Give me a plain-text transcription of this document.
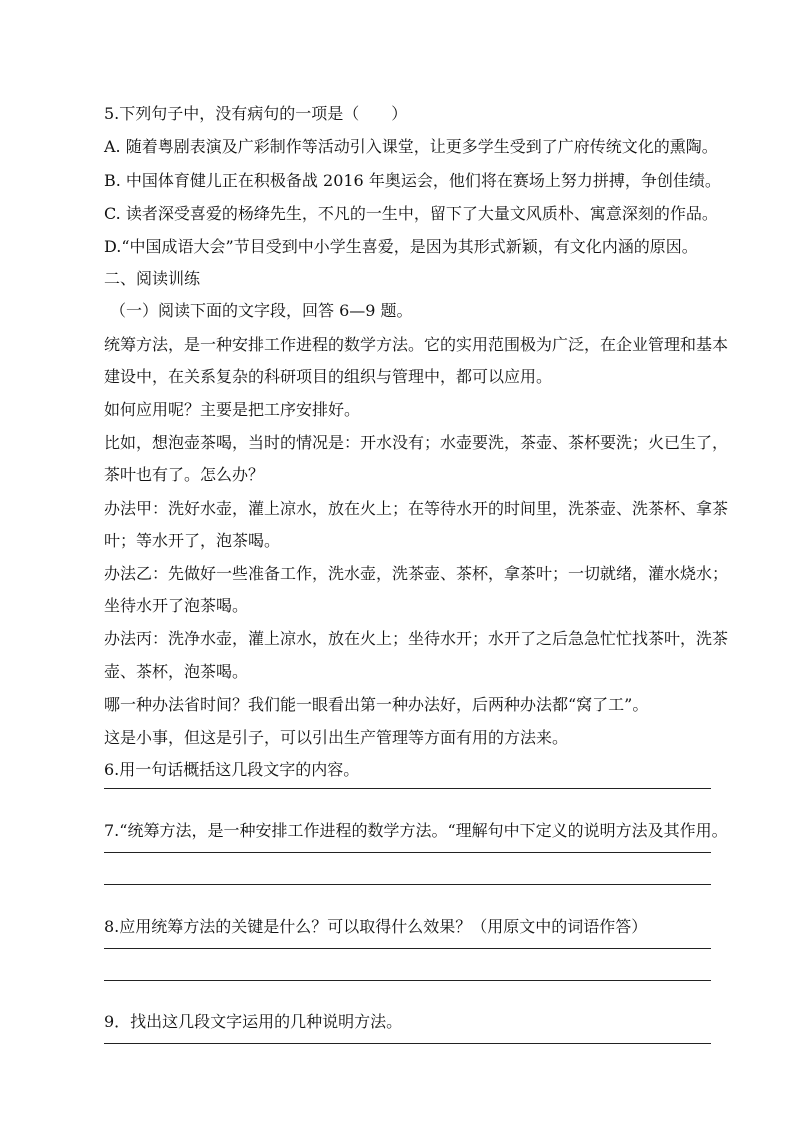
5.下列句子中，没有病句的一项是（　　）
A. 随着粤剧表演及广彩制作等活动引入课堂，让更多学生受到了广府传统文化的熏陶。
B. 中国体育健儿正在积极备战 2016 年奥运会，他们将在赛场上努力拼搏，争创佳绩。
C. 读者深受喜爱的杨绛先生，不凡的一生中，留下了大量文风质朴、寓意深刻的作品。
D.“中国成语大会”节目受到中小学生喜爱，是因为其形式新颖，有文化内涵的原因。
二、阅读训练
（一）阅读下面的文字段，回答 6—9 题。
统筹方法，是一种安排工作进程的数学方法。它的实用范围极为广泛，在企业管理和基本
建设中，在关系复杂的科研项目的组织与管理中，都可以应用。
如何应用呢？主要是把工序安排好。
比如，想泡壶茶喝，当时的情况是：开水没有；水壶要洗，茶壶、茶杯要洗；火已生了，
茶叶也有了。怎么办？
办法甲：洗好水壶，灌上凉水，放在火上；在等待水开的时间里，洗茶壶、洗茶杯、拿茶
叶；等水开了，泡茶喝。
办法乙：先做好一些准备工作，洗水壶，洗茶壶、茶杯，拿茶叶；一切就绪，灌水烧水；
坐待水开了泡茶喝。
办法丙：洗净水壶，灌上凉水，放在火上；坐待水开；水开了之后急急忙忙找茶叶，洗茶
壶、茶杯，泡茶喝。
哪一种办法省时间？我们能一眼看出第一种办法好，后两种办法都“窝了工”。
这是小事，但这是引子，可以引出生产管理等方面有用的方法来。
6.用一句话概括这几段文字的内容。
7.“统筹方法，是一种安排工作进程的数学方法。“理解句中下定义的说明方法及其作用。
8.应用统筹方法的关键是什么？可以取得什么效果？（用原文中的词语作答）
9．找出这几段文字运用的几种说明方法。
